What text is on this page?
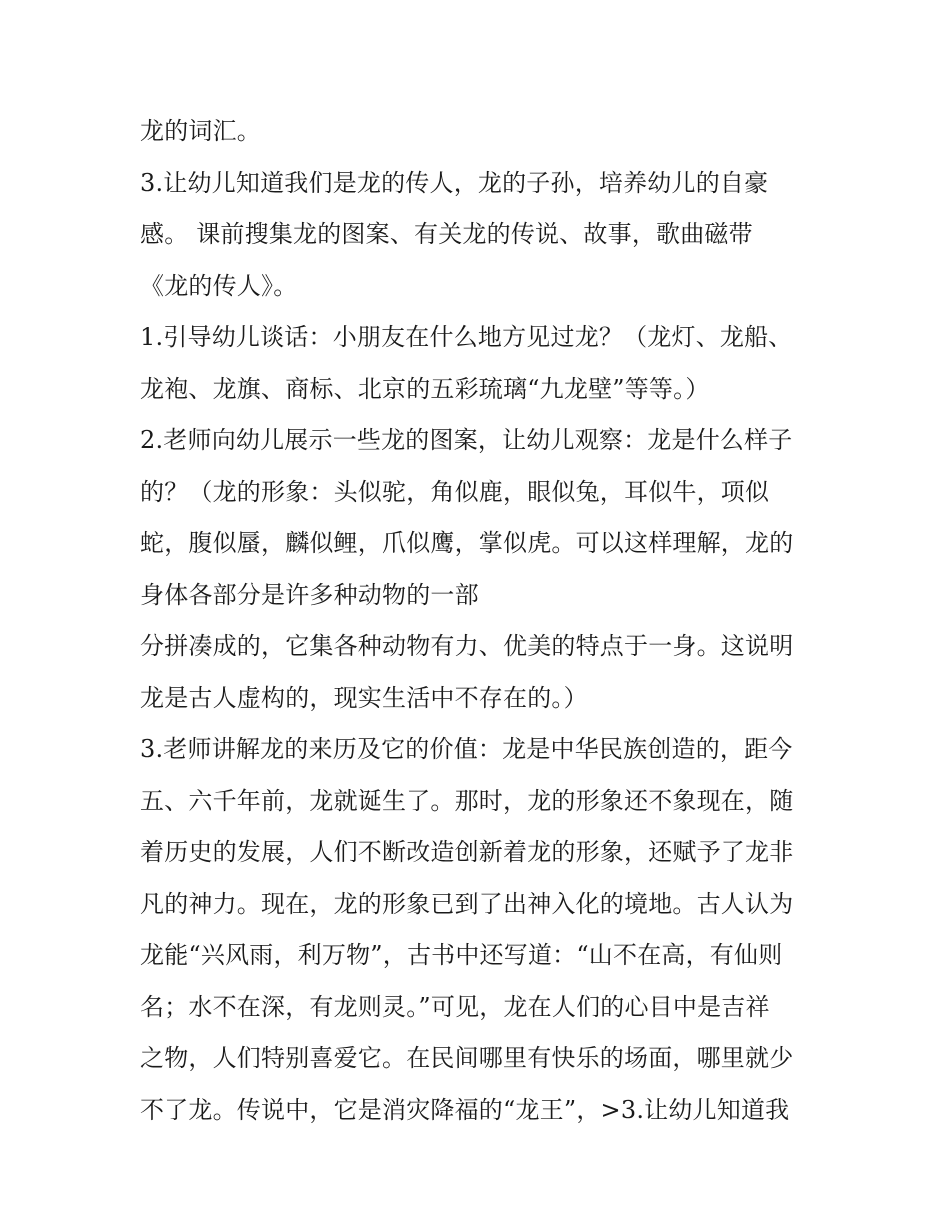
龙的词汇。
3.让幼儿知道我们是龙的传人，龙的子孙，培养幼儿的自豪
感。 课前搜集龙的图案、有关龙的传说、故事，歌曲磁带
《龙的传人》。
1.引导幼儿谈话：小朋友在什么地方见过龙？（龙灯、龙船、
龙袍、龙旗、商标、北京的五彩琉璃“九龙壁”等等。）
2.老师向幼儿展示一些龙的图案，让幼儿观察：龙是什么样子
的？（龙的形象：头似驼，角似鹿，眼似兔，耳似牛，项似
蛇，腹似蜃，麟似鲤，爪似鹰，掌似虎。可以这样理解，龙的
身体各部分是许多种动物的一部
分拼凑成的，它集各种动物有力、优美的特点于一身。这说明
龙是古人虚构的，现实生活中不存在的。）
3.老师讲解龙的来历及它的价值：龙是中华民族创造的，距今
五、六千年前，龙就诞生了。那时，龙的形象还不象现在，随
着历史的发展，人们不断改造创新着龙的形象，还赋予了龙非
凡的神力。现在，龙的形象已到了出神入化的境地。古人认为
龙能“兴风雨，利万物”，古书中还写道：“山不在高，有仙则
名；水不在深，有龙则灵。”可见，龙在人们的心目中是吉祥
之物，人们特别喜爱它。在民间哪里有快乐的场面，哪里就少
不了龙。传说中，它是消灾降福的“龙王”，>3.让幼儿知道我
